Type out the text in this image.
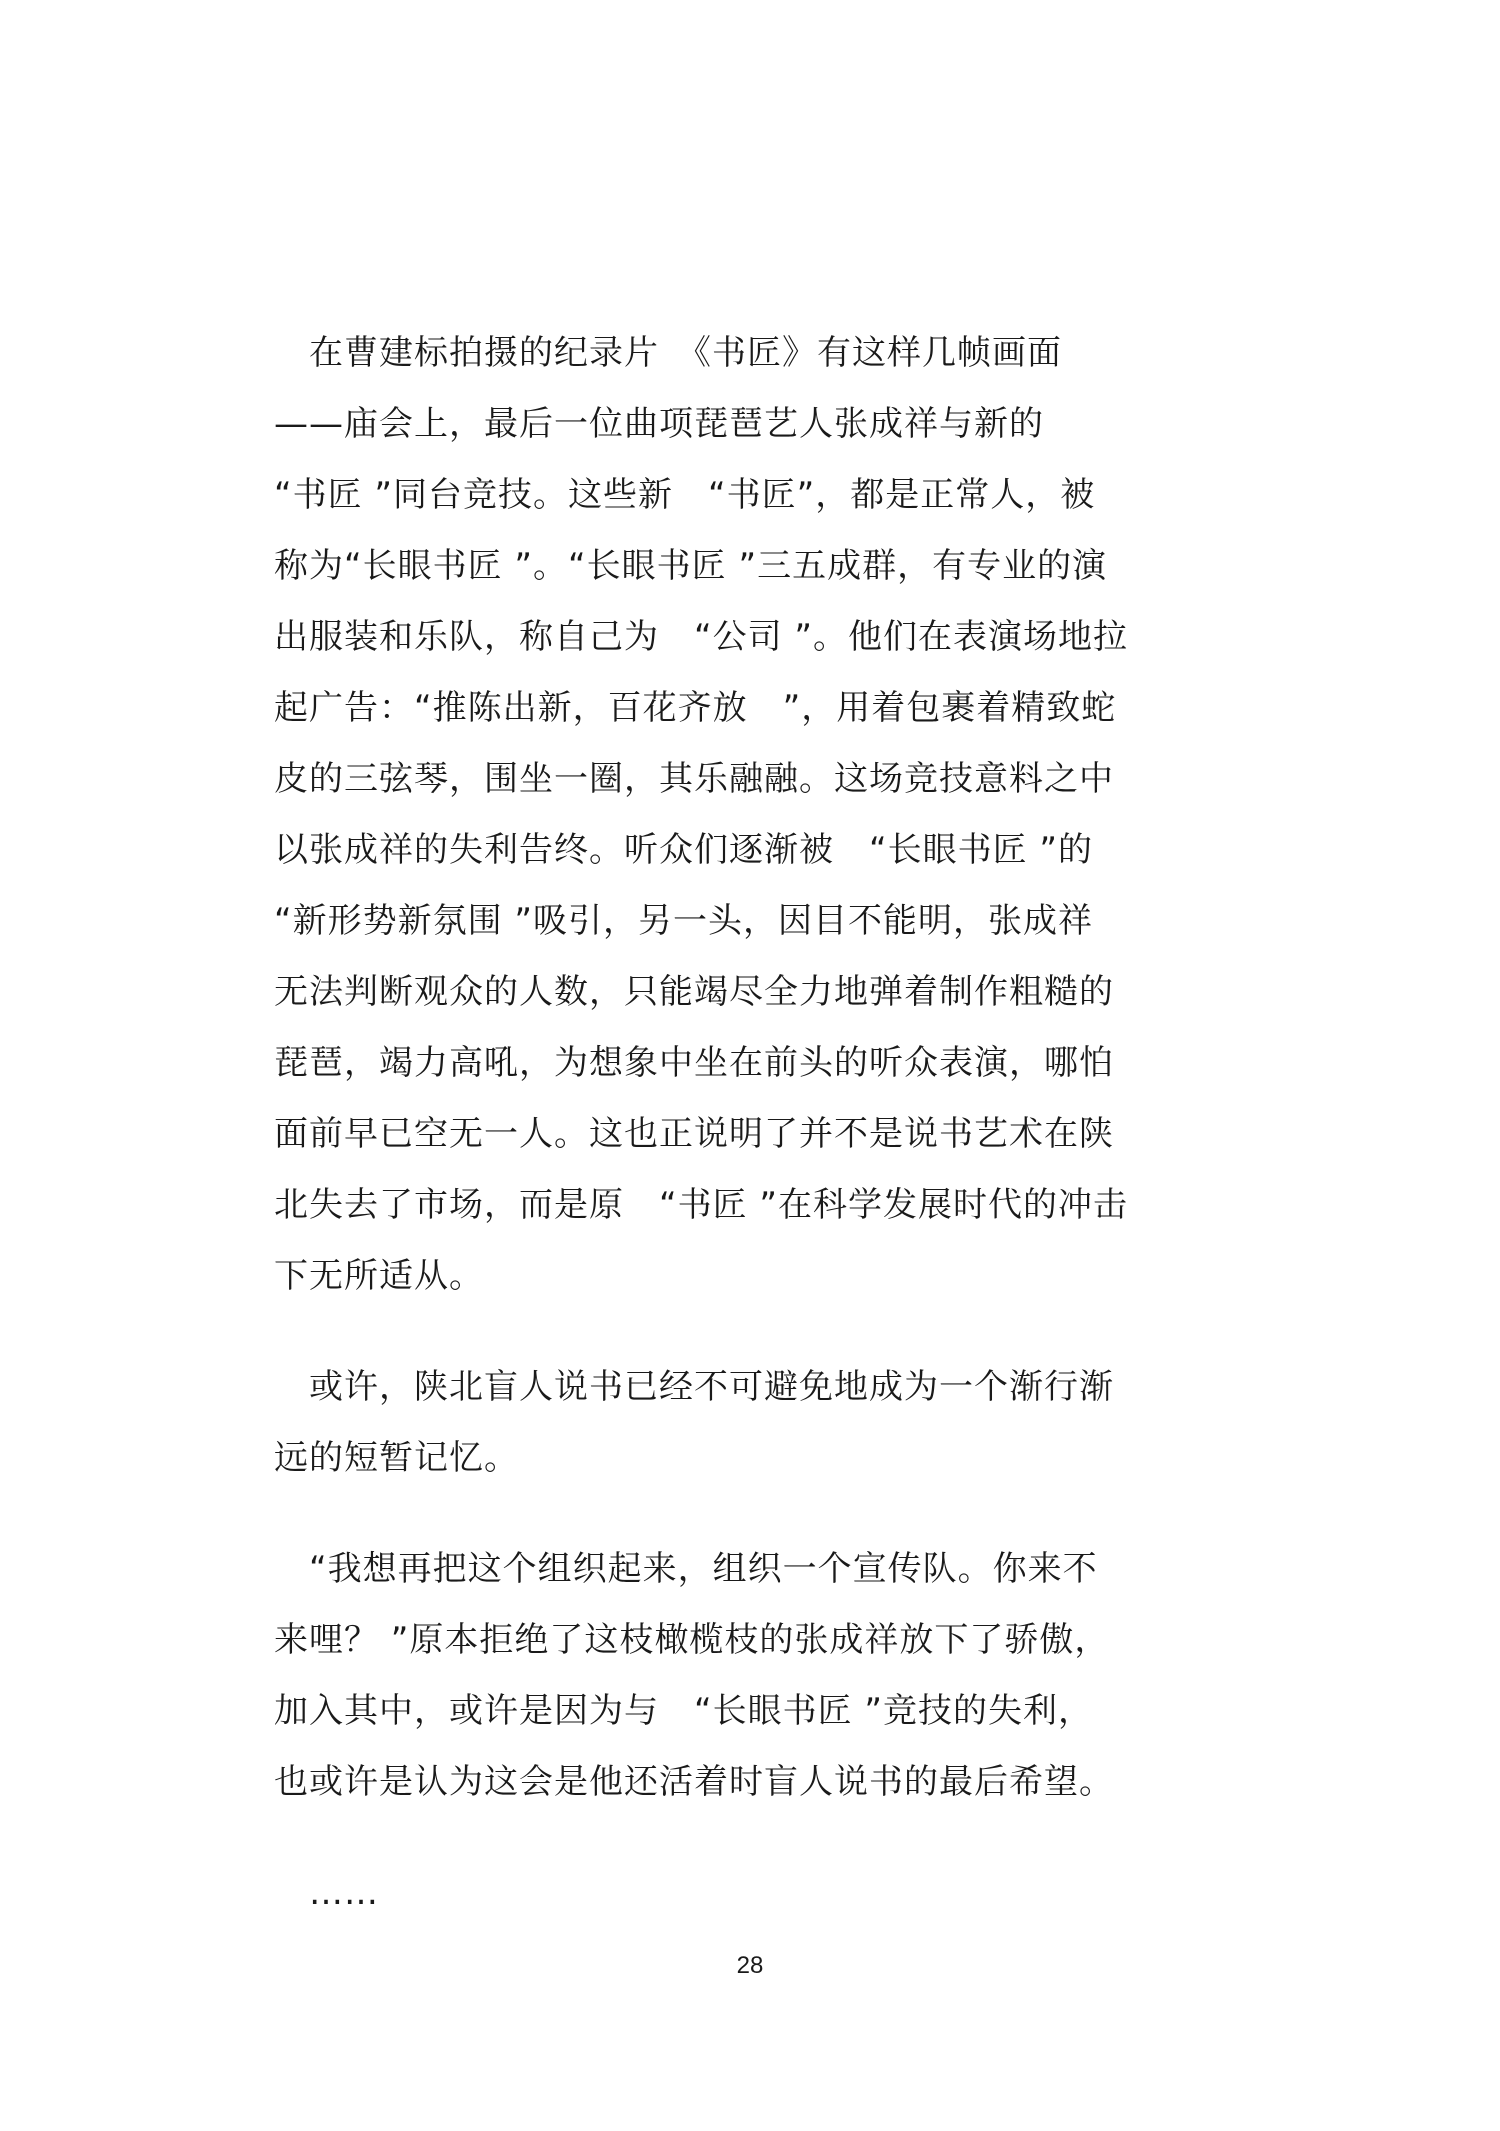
　在曹建标拍摄的纪录片　《书匠》有这样几帧画面
——庙会上，最后一位曲项琵琶艺人张成祥与新的
“书匠 ”同台竞技。这些新　“书匠”，都是正常人，被
称为“长眼书匠 ”。“长眼书匠 ”三五成群，有专业的演
出服装和乐队，称自己为　“公司 ”。他们在表演场地拉
起广告：“推陈出新，百花齐放　”，用着包裹着精致蛇
皮的三弦琴，围坐一圈，其乐融融。这场竞技意料之中
以张成祥的失利告终。听众们逐渐被　“长眼书匠 ”的
“新形势新氛围 ”吸引，另一头，因目不能明，张成祥
无法判断观众的人数，只能竭尽全力地弹着制作粗糙的
琵琶，竭力高吼，为想象中坐在前头的听众表演，哪怕
面前早已空无一人。这也正说明了并不是说书艺术在陕
北失去了市场，而是原　“书匠 ”在科学发展时代的冲击
下无所适从。
　或许，陕北盲人说书已经不可避免地成为一个渐行渐
远的短暂记忆。
　“我想再把这个组织起来，组织一个宣传队。你来不
来哩？ ”原本拒绝了这枝橄榄枝的张成祥放下了骄傲，
加入其中，或许是因为与　“长眼书匠 ”竞技的失利，
也或许是认为这会是他还活着时盲人说书的最后希望。
　……
28
